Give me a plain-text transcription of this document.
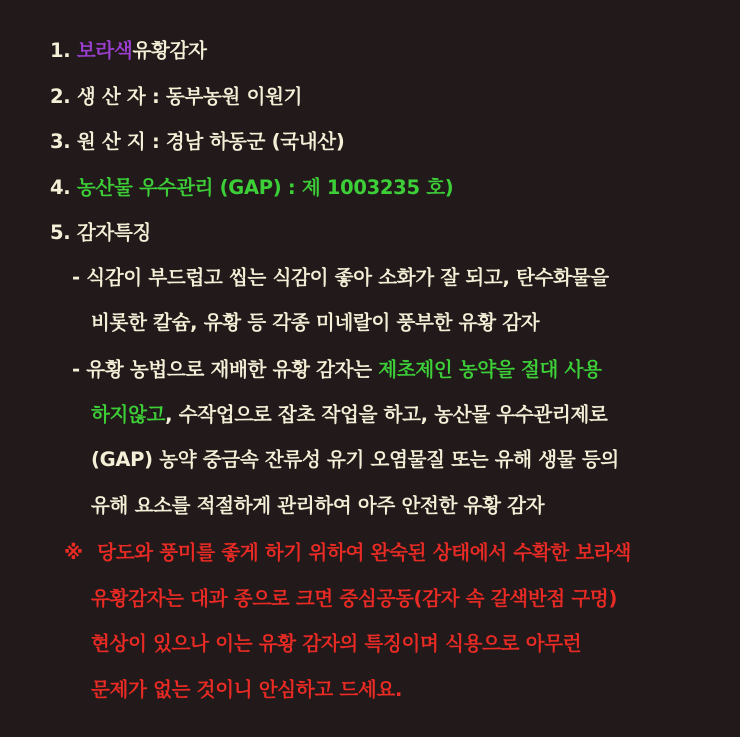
1. 보라색유황감자
2. 생 산 자 : 동부농원 이원기
3. 원 산 지 : 경남 하동군 (국내산)
4. 농산물 우수관리 (GAP) : 제 1003235 호)
5. 감자특징
- 식감이 부드럽고 씹는 식감이 좋아 소화가 잘 되고, 탄수화물을
비롯한 칼슘, 유황 등 각종 미네랄이 풍부한 유황 감자
- 유황 농법으로 재배한 유황 감자는 제초제인 농약을 절대 사용
하지않고, 수작업으로 잡초 작업을 하고, 농산물 우수관리제로
(GAP) 농약 중금속 잔류성 유기 오염물질 또는 유해 생물 등의
유해 요소를 적절하게 관리하여 아주 안전한 유황 감자
※ 당도와 풍미를 좋게 하기 위하여 완숙된 상태에서 수확한 보라색
유황감자는 대과 종으로 크면 중심공동(감자 속 갈색반점 구멍)
현상이 있으나 이는 유황 감자의 특징이며 식용으로 아무런
문제가 없는 것이니 안심하고 드세요.
